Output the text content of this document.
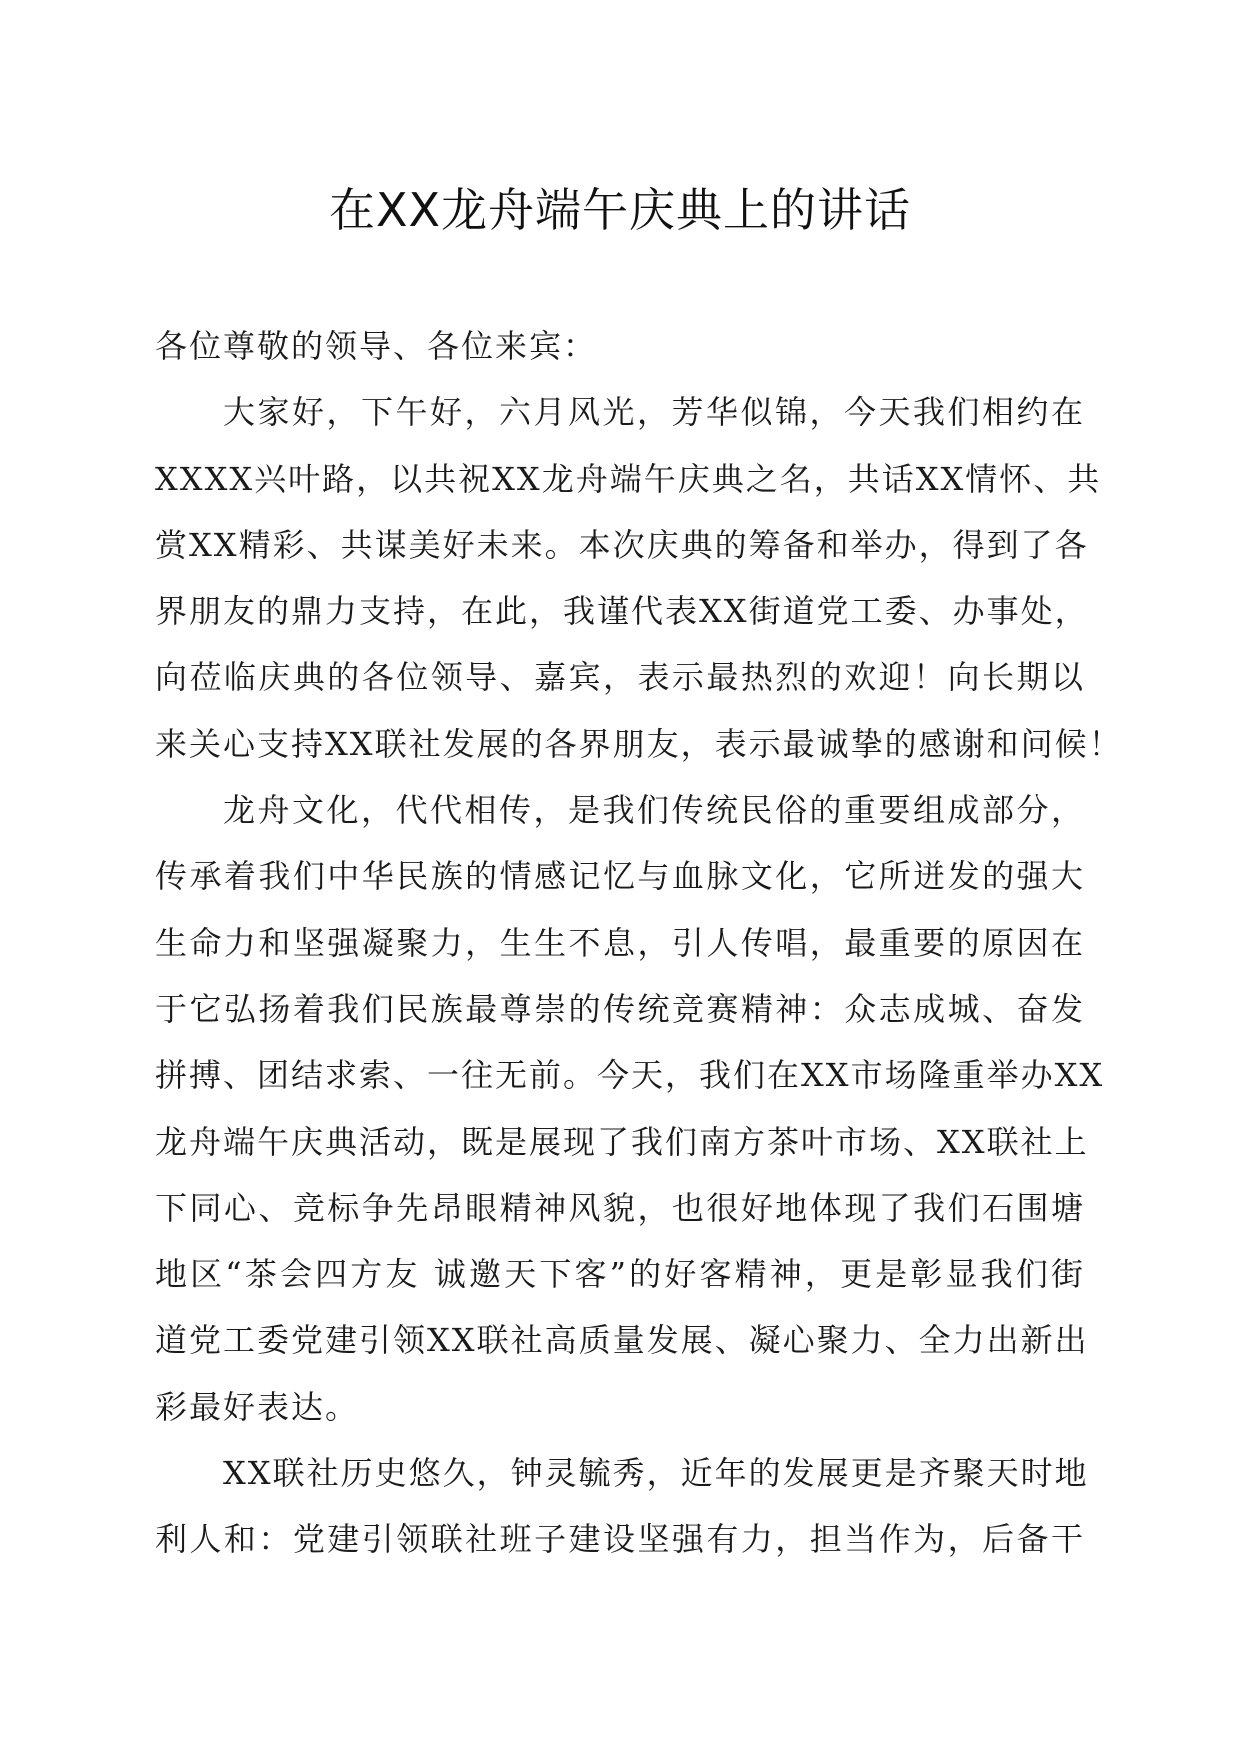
在XX龙舟端午庆典上的讲话
各位尊敬的领导、各位来宾：
大家好，下午好，六月风光，芳华似锦，今天我们相约在
XXXX兴叶路，以共祝XX龙舟端午庆典之名，共话XX情怀、共
赏XX精彩、共谋美好未来。本次庆典的筹备和举办，得到了各
界朋友的鼎力支持，在此，我谨代表XX街道党工委、办事处，
向莅临庆典的各位领导、嘉宾，表示最热烈的欢迎！向长期以
来关心支持XX联社发展的各界朋友，表示最诚挚的感谢和问候！
龙舟文化，代代相传，是我们传统民俗的重要组成部分，
传承着我们中华民族的情感记忆与血脉文化，它所迸发的强大
生命力和坚强凝聚力，生生不息，引人传唱，最重要的原因在
于它弘扬着我们民族最尊崇的传统竞赛精神：众志成城、奋发
拼搏、团结求索、一往无前。今天，我们在XX市场隆重举办XX
龙舟端午庆典活动，既是展现了我们南方茶叶市场、XX联社上
下同心、竞标争先昂眼精神风貌，也很好地体现了我们石围塘
地区“茶会四方友 诚邀天下客”的好客精神，更是彰显我们街
道党工委党建引领XX联社高质量发展、凝心聚力、全力出新出
彩最好表达。
XX联社历史悠久，钟灵毓秀，近年的发展更是齐聚天时地
利人和：党建引领联社班子建设坚强有力，担当作为，后备干
